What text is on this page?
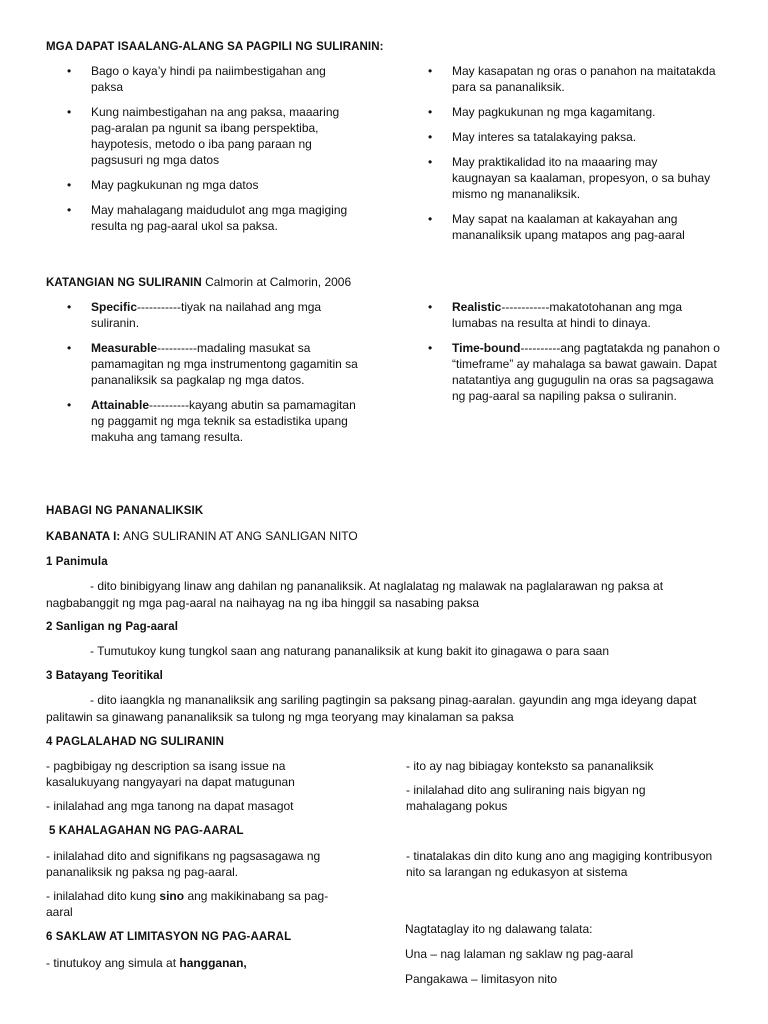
MGA DAPAT ISAALANG-ALANG SA PAGPILI NG SULIRANIN:
• Bago o kaya’y hindi pa naiimbestigahan ang paksa
• Kung naimbestigahan na ang paksa, maaaring pag-aralan pa ngunit sa ibang perspektiba, haypotesis, metodo o iba pang paraan ng pagsusuri ng mga datos
• May pagkukunan ng mga datos
• May mahalagang maidudulot ang mga magiging resulta ng pag-aaral ukol sa paksa.
• May kasapatan ng oras o panahon na maitatakda para sa pananaliksik.
• May pagkukunan ng mga kagamitang.
• May interes sa tatalakaying paksa.
• May praktikalidad ito na maaaring may kaugnayan sa kaalaman, propesyon, o sa buhay mismo ng mananaliksik.
• May sapat na kaalaman at kakayahan ang mananaliksik upang matapos ang pag-aaral
KATANGIAN NG SULIRANIN Calmorin at Calmorin, 2006
• Specific-----------tiyak na nailahad ang mga suliranin.
• Measurable----------madaling masukat sa pamamagitan ng mga instrumentong gagamitin sa pananaliksik sa pagkalap ng mga datos.
• Attainable----------kayang abutin sa pamamagitan ng paggamit ng mga teknik sa estadistika upang makuha ang tamang resulta.
• Realistic------------makatotohanan ang mga lumabas na resulta at hindi to dinaya.
• Time-bound----------ang pagtatakda ng panahon o “timeframe” ay mahalaga sa bawat gawain. Dapat natatantiya ang gugugulin na oras sa pagsagawa ng pag-aaral sa napiling paksa o suliranin.
HABAGI NG PANANALIKSIK
KABANATA I: ANG SULIRANIN AT ANG SANLIGAN NITO
1 Panimula
- dito binibigyang linaw ang dahilan ng pananaliksik. At naglalatag ng malawak na paglalarawan ng paksa at
nagbabanggit ng mga pag-aaral na naihayag na ng iba hinggil sa nasabing paksa
2 Sanligan ng Pag-aaral
- Tumutukoy kung tungkol saan ang naturang pananaliksik at kung bakit ito ginagawa o para saan
3 Batayang Teoritikal
- dito iaangkla ng mananaliksik ang sariling pagtingin sa paksang pinag-aaralan. gayundin ang mga ideyang dapat
palitawin sa ginawang pananaliksik sa tulong ng mga teoryang may kinalaman sa paksa
4 PAGLALAHAD NG SULIRANIN

- pagbibigay ng description sa isang issue na kasalukuyang nangyayari na dapat matugunan

- inilalahad ang mga tanong na dapat masagot

- ito ay nag bibiagay konteksto sa pananaliksik

- inilalahad dito ang suliraning nais bigyan ng mahalagang pokus

5 KAHALAGAHAN NG PAG-AARAL

- inilalahad dito and signifikans ng pagsasagawa ng pananaliksik ng paksa ng pag-aaral.

- inilalahad dito kung sino ang makikinabang sa pag-aaral

- tinatalakas din dito kung ano ang magiging kontribusyon nito sa larangan ng edukasyon at sistema

6 SAKLAW AT LIMITASYON NG PAG-AARAL
- tinutukoy ang simula at hangganan,
Nagtataglay ito ng dalawang talata:
Una – nag lalaman ng saklaw ng pag-aaral
Pangakawa – limitasyon nito
